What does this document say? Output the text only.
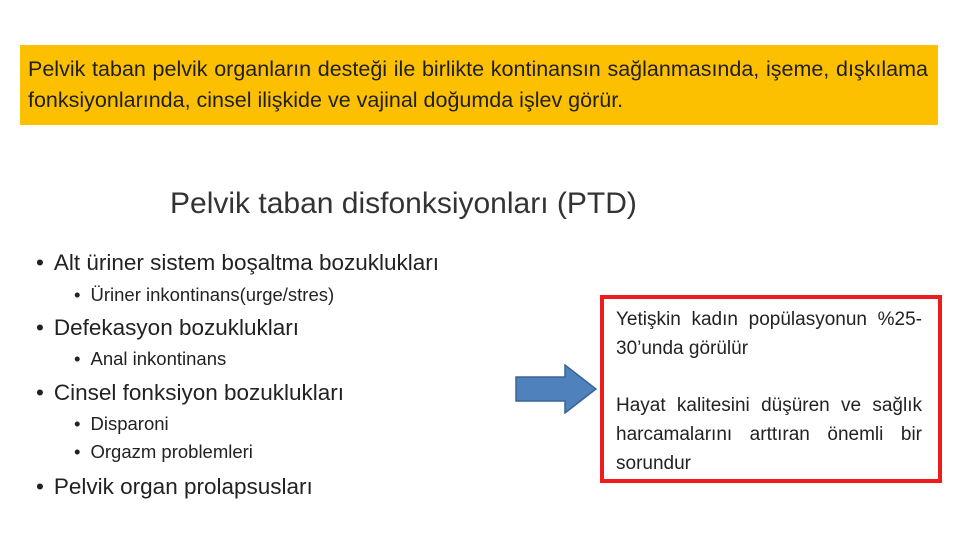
Pelvik taban pelvik organların desteği ile birlikte kontinansın sağlanmasında, işeme, dışkılama fonksiyonlarında, cinsel ilişkide ve vajinal doğumda işlev görür.
Pelvik taban disfonksiyonları (PTD)
• Alt üriner sistem boşaltma bozuklukları
• Üriner inkontinans(urge/stres)
• Defekasyon bozuklukları
• Anal inkontinans
• Cinsel fonksiyon bozuklukları
• Disparoni
• Orgazm problemleri
• Pelvik organ prolapsusları
Yetişkin kadın popülasyonun %25-30’unda görülür
Hayat kalitesini düşüren ve sağlık harcamalarını arttıran önemli bir sorundur
